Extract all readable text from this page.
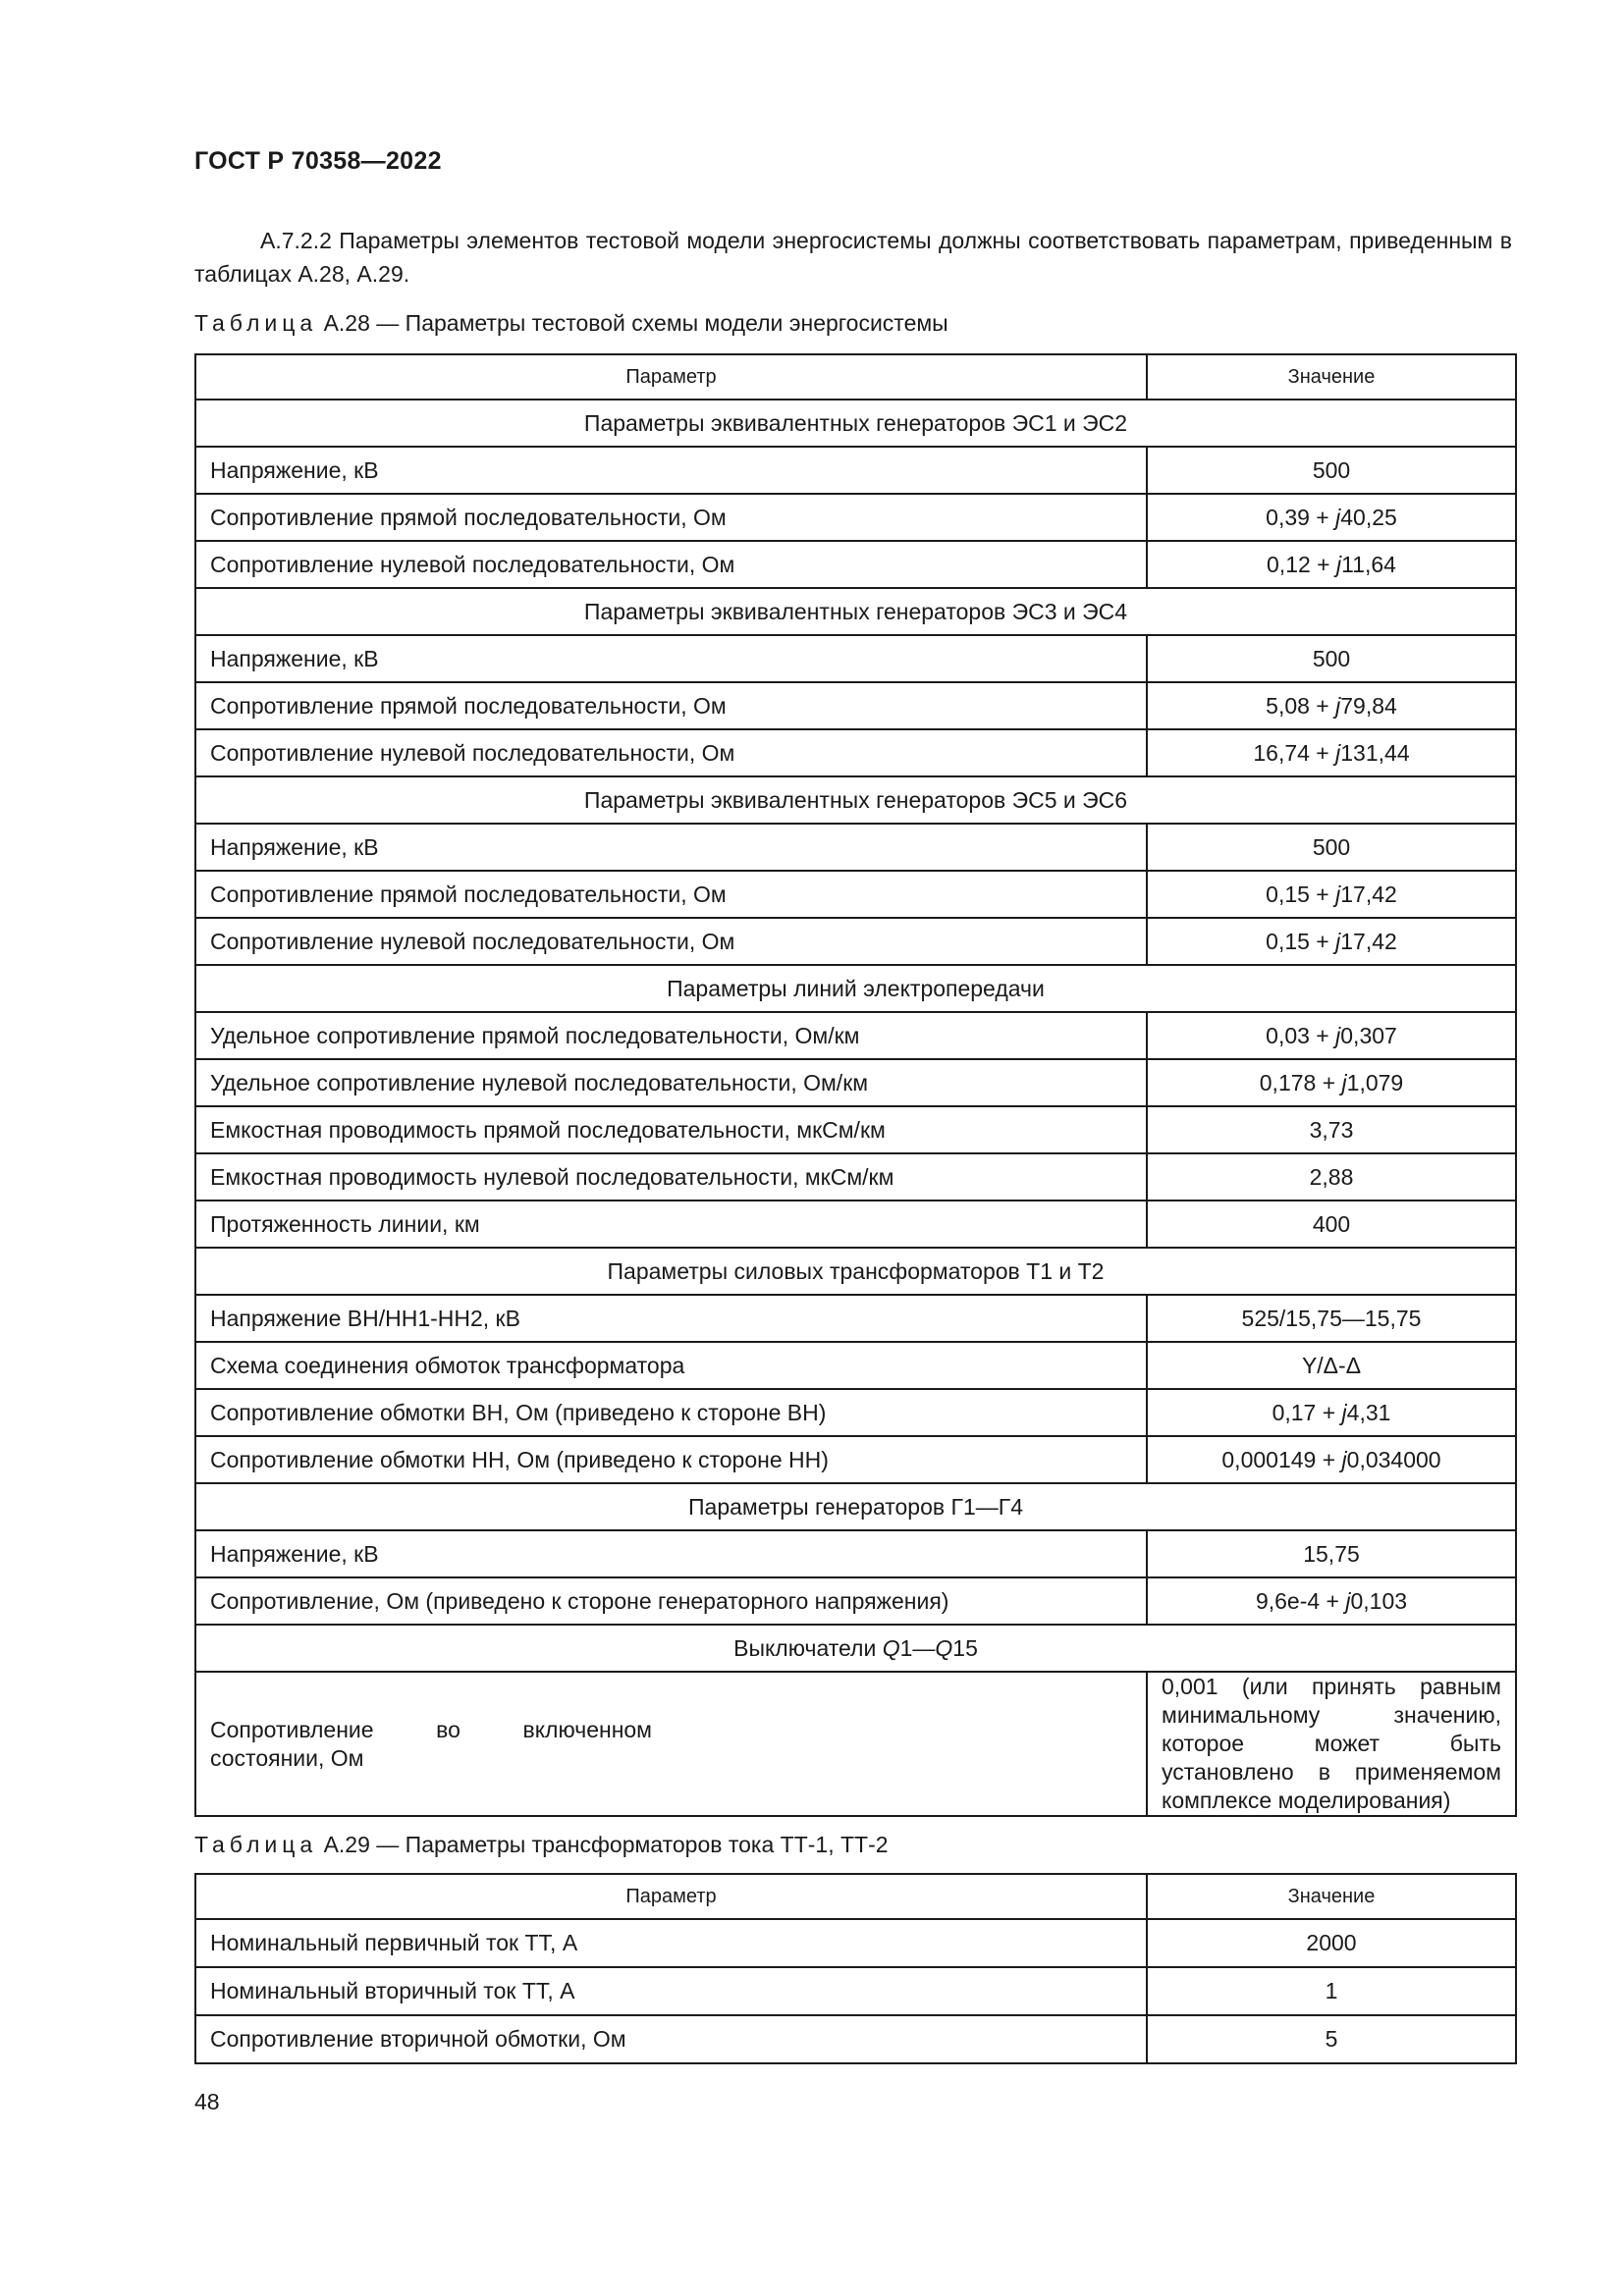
ГОСТ Р 70358—2022
А.7.2.2 Параметры элементов тестовой модели энергосистемы должны соответствовать параметрам, приведенным в таблицах А.28, А.29.
Таблица А.28 — Параметры тестовой схемы модели энергосистемы
Параметр	Значение
Параметры эквивалентных генераторов ЭС1 и ЭС2	
Напряжение, кВ	500
Сопротивление прямой последовательности, Ом	0,39 + j40,25
Сопротивление нулевой последовательности, Ом	0,12 + j11,64
Параметры эквивалентных генераторов ЭС3 и ЭС4	
Напряжение, кВ	500
Сопротивление прямой последовательности, Ом	5,08 + j79,84
Сопротивление нулевой последовательности, Ом	16,74 + j131,44
Параметры эквивалентных генераторов ЭС5 и ЭС6	
Напряжение, кВ	500
Сопротивление прямой последовательности, Ом	0,15 + j17,42
Сопротивление нулевой последовательности, Ом	0,15 + j17,42
Параметры линий электропередачи	
Удельное сопротивление прямой последовательности, Ом/км	0,03 + j0,307
Удельное сопротивление нулевой последовательности, Ом/км	0,178 + j1,079
Емкостная проводимость прямой последовательности, мкСм/км	3,73
Емкостная проводимость нулевой последовательности, мкСм/км	2,88
Протяженность линии, км	400
Параметры силовых трансформаторов Т1 и Т2	
Напряжение ВН/НН1-НН2, кВ	525/15,75—15,75
Схема соединения обмоток трансформатора	Y/Δ-Δ
Сопротивление обмотки ВН, Ом (приведено к стороне ВН)	0,17 + j4,31
Сопротивление обмотки НН, Ом (приведено к стороне НН)	0,000149 + j0,034000
Параметры генераторов Г1—Г4	
Напряжение, кВ	15,75
Сопротивление, Ом (приведено к стороне генераторного напряжения)	9,6e-4 + j0,103
Выключатели Q1—Q15	

Сопротивление во включенном состоянии, Ом	0,001 (или принять равным минимальному значению, которое может быть установлено в применяемом комплексе моделирования)
Таблица А.29 — Параметры трансформаторов тока ТТ-1, ТТ-2
Параметр	Значение
Номинальный первичный ток ТТ, А	2000
Номинальный вторичный ток ТТ, А	1
Сопротивление вторичной обмотки, Ом	5
48
